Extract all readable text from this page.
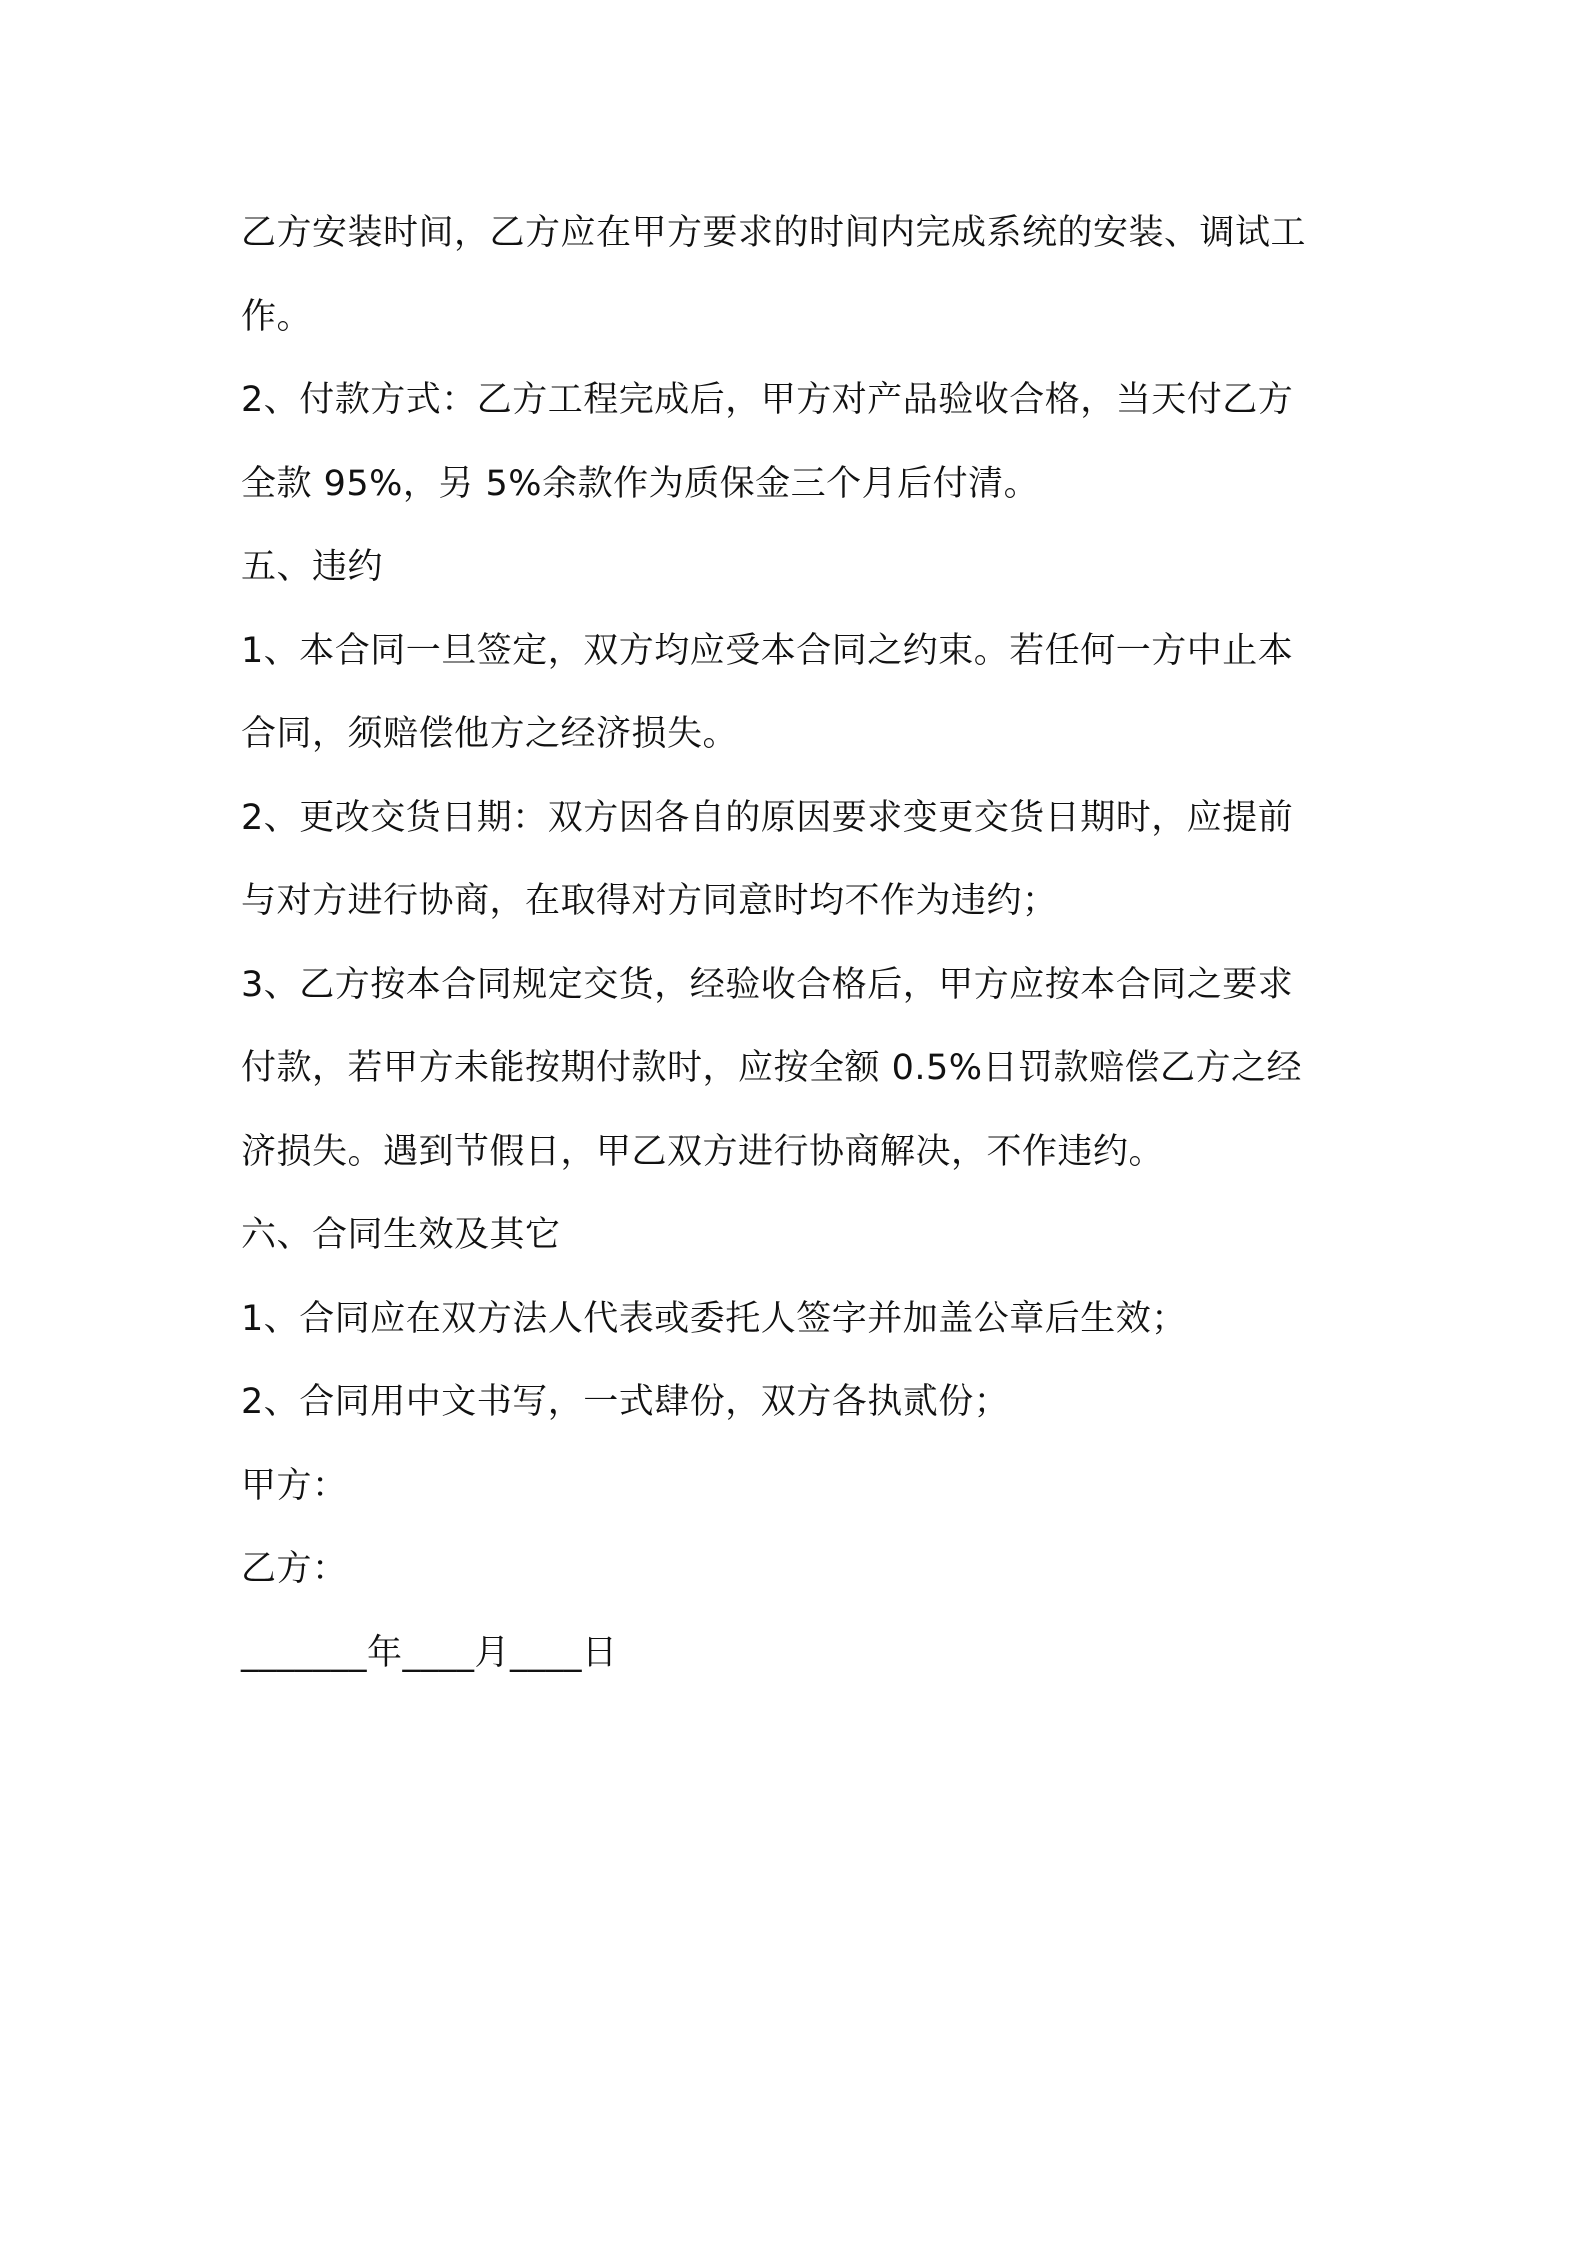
乙方安装时间，乙方应在甲方要求的时间内完成系统的安装、调试工
作。
2、付款方式：乙方工程完成后，甲方对产品验收合格，当天付乙方
全款 95%，另 5%余款作为质保金三个月后付清。
五、违约
1、本合同一旦签定，双方均应受本合同之约束。若任何一方中止本
合同，须赔偿他方之经济损失。
2、更改交货日期：双方因各自的原因要求变更交货日期时，应提前
与对方进行协商，在取得对方同意时均不作为违约；
3、乙方按本合同规定交货，经验收合格后，甲方应按本合同之要求
付款，若甲方未能按期付款时，应按全额 0.5%日罚款赔偿乙方之经
济损失。遇到节假日，甲乙双方进行协商解决，不作违约。
六、合同生效及其它
1、合同应在双方法人代表或委托人签字并加盖公章后生效；
2、合同用中文书写，一式肆份，双方各执贰份；
甲方：
乙方：
_______年____月____日
